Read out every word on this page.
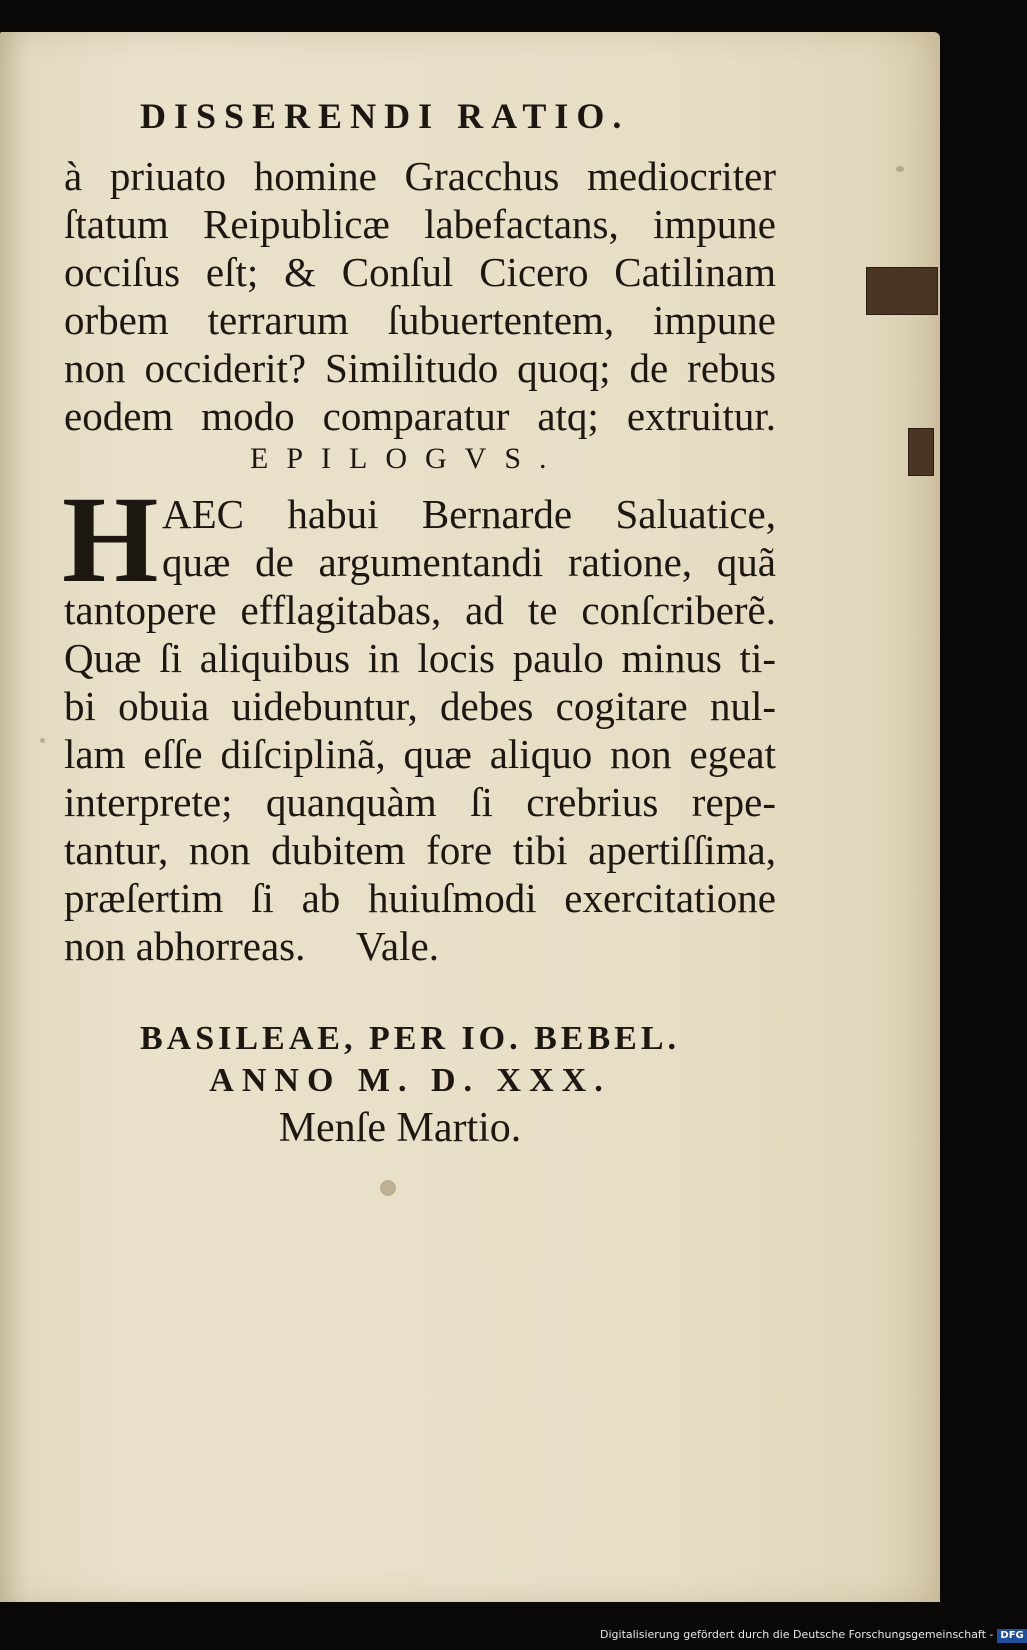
DISSERENDI RATIO.
à priuato homine Gracchus mediocriter
ſtatum Reipublicæ labefactans, impune
occiſus eſt; & Conſul Cicero Catilinam
orbem terrarum ſubuertentem, impune
non occiderit? Similitudo quoq; de rebus
eodem modo comparatur atq; extruitur.
EPILOGVS.
H AEC habui Bernarde Saluatice,
quæ de argumentandi ratione, quã
tantopere efflagitabas, ad te conſcriberẽ.
Quæ ſi aliquibus in locis paulo minus ti-
bi obuia uidebuntur, debes cogitare nul-
lam eſſe diſciplinã, quæ aliquo non egeat
interprete; quanquàm ſi crebrius repe-
tantur, non dubitem fore tibi apertiſſima,
præſertim ſi ab huiuſmodi exercitatione
non abhorreas.     Vale.
BASILEAE, PER IO. BEBEL.
ANNO M. D. XXX.
Menſe Martio.
Digitalisierung gefördert durch die Deutsche Forschungsgemeinschaft - DFG
